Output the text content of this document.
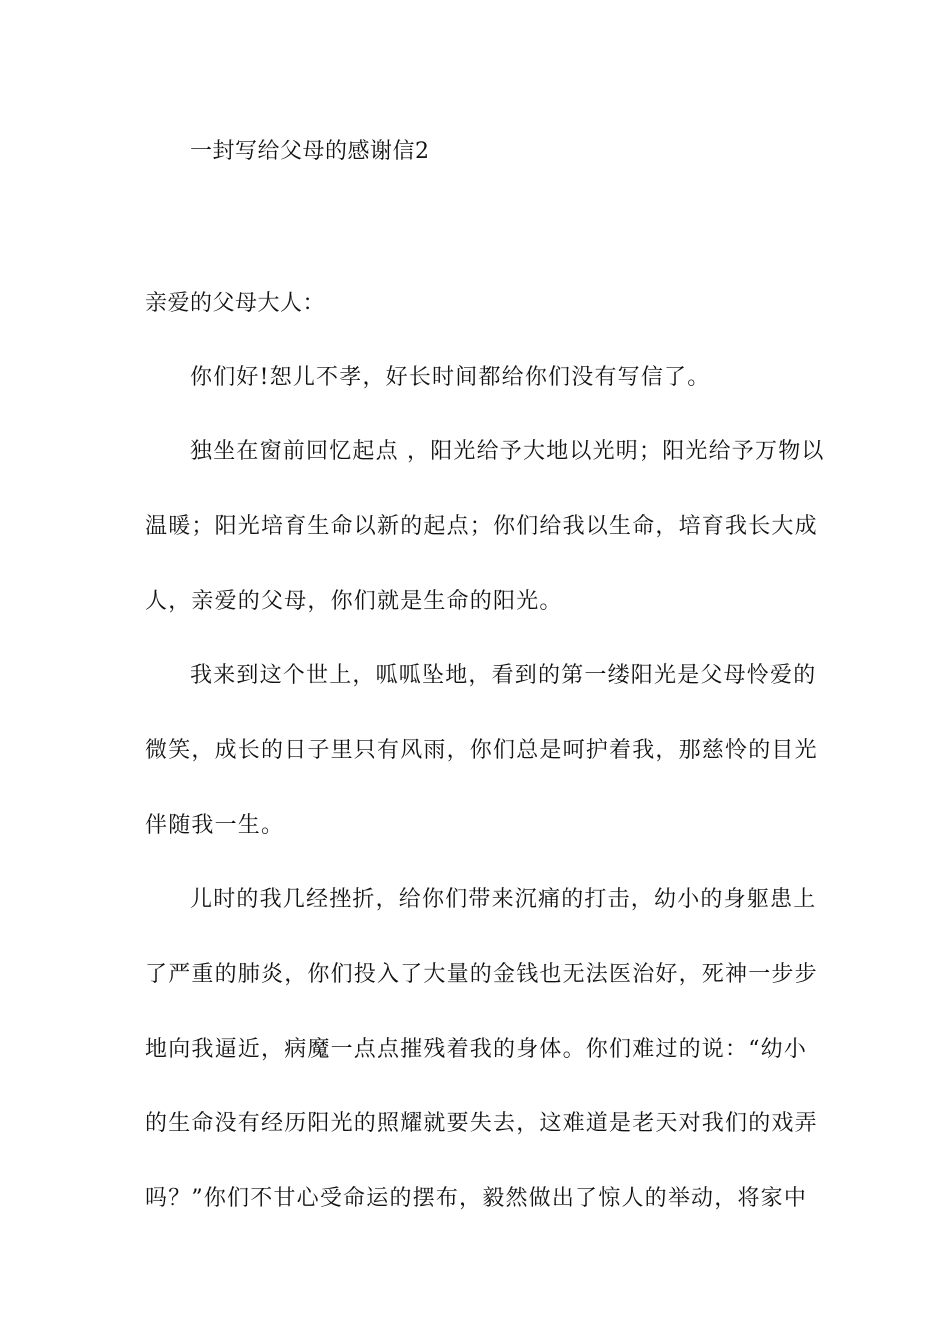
一封写给父母的感谢信2
亲爱的父母大人：
你们好!恕儿不孝，好长时间都给你们没有写信了。
独坐在窗前回忆起点 ，阳光给予大地以光明；阳光给予万物以
温暖；阳光培育生命以新的起点；你们给我以生命，培育我长大成
人，亲爱的父母，你们就是生命的阳光。
我来到这个世上，呱呱坠地，看到的第一缕阳光是父母怜爱的
微笑，成长的日子里只有风雨，你们总是呵护着我，那慈怜的目光
伴随我一生。
儿时的我几经挫折，给你们带来沉痛的打击，幼小的身躯患上
了严重的肺炎，你们投入了大量的金钱也无法医治好，死神一步步
地向我逼近，病魔一点点摧残着我的身体。你们难过的说：“幼小
的生命没有经历阳光的照耀就要失去，这难道是老天对我们的戏弄
吗？”你们不甘心受命运的摆布，毅然做出了惊人的举动，将家中
